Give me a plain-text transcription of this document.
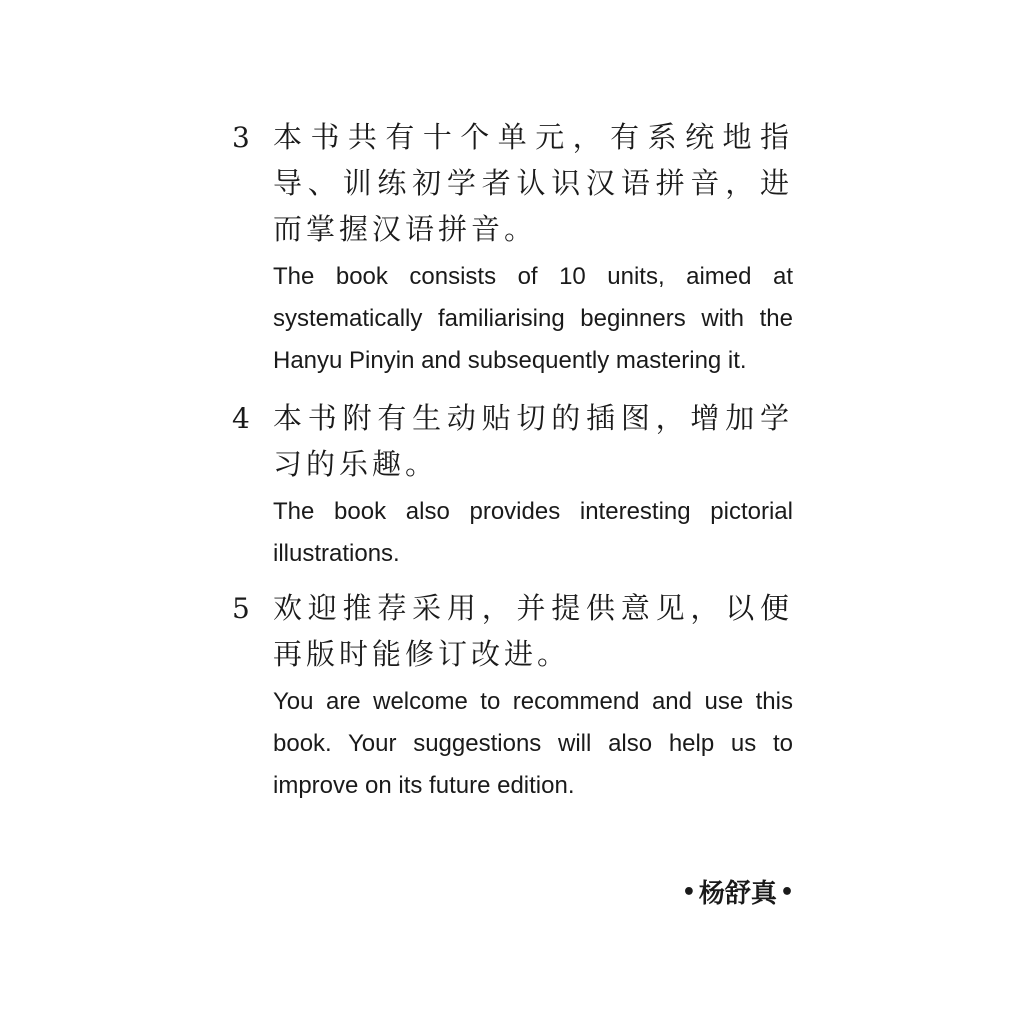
3 本书共有十个单元，有系统地指导、训练初学者认识汉语拼音，进而掌握汉语拼音。

The book consists of 10 units, aimed at systematically familiarising beginners with the Hanyu Pinyin and subsequently mastering it.

4 本书附有生动贴切的插图，增加学习的乐趣。

The book also provides interesting pictorial illustrations.

5 欢迎推荐采用，并提供意见，以便再版时能修订改进。

You are welcome to recommend and use this book. Your suggestions will also help us to improve on its future edition.

• 杨舒真 •
